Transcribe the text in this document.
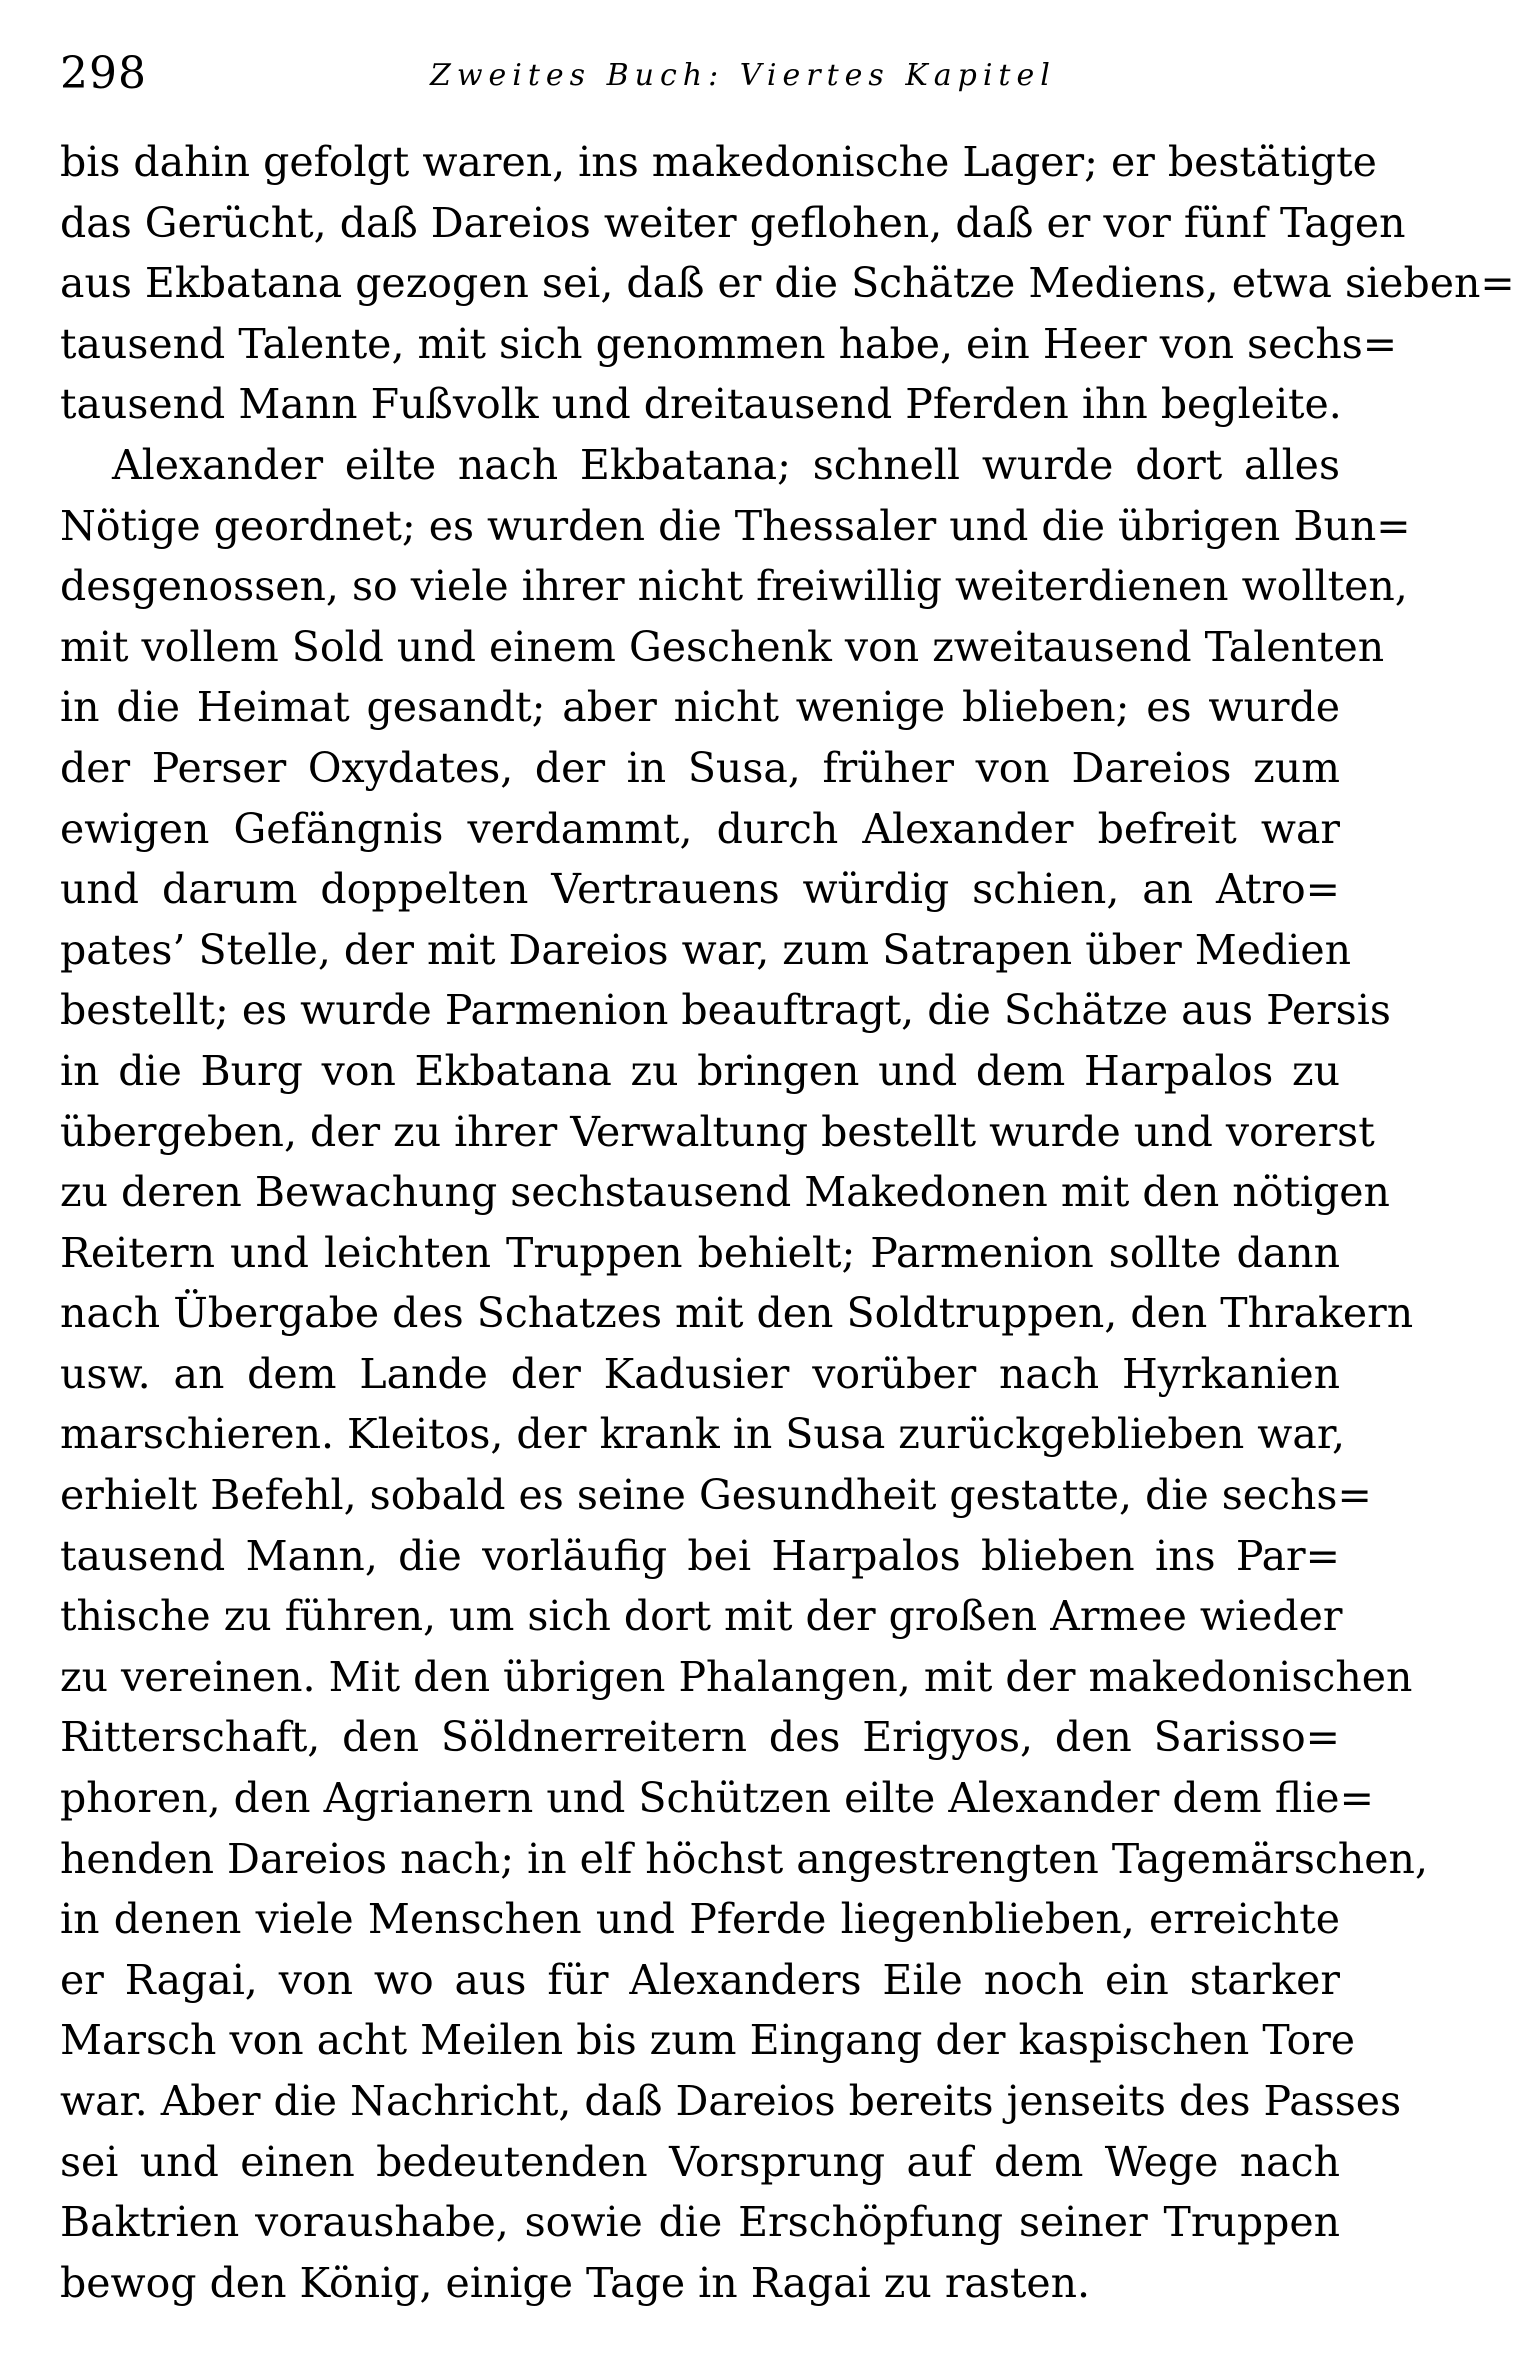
298	Zweites Buch: Viertes Kapitel
bis dahin gefolgt waren, ins makedonische Lager; er bestätigte
das Gerücht, daß Dareios weiter geflohen, daß er vor fünf Tagen
aus Ekbatana gezogen sei, daß er die Schätze Mediens, etwa sieben=
tausend Talente, mit sich genommen habe, ein Heer von sechs=
tausend Mann Fußvolk und dreitausend Pferden ihn begleite.
Alexander eilte nach Ekbatana; schnell wurde dort alles
Nötige geordnet; es wurden die Thessaler und die übrigen Bun=
desgenossen, so viele ihrer nicht freiwillig weiterdienen wollten,
mit vollem Sold und einem Geschenk von zweitausend Talenten
in die Heimat gesandt; aber nicht wenige blieben; es wurde
der Perser Oxydates, der in Susa, früher von Dareios zum
ewigen Gefängnis verdammt, durch Alexander befreit war
und darum doppelten Vertrauens würdig schien, an Atro=
pates’ Stelle, der mit Dareios war, zum Satrapen über Medien
bestellt; es wurde Parmenion beauftragt, die Schätze aus Persis
in die Burg von Ekbatana zu bringen und dem Harpalos zu
übergeben, der zu ihrer Verwaltung bestellt wurde und vorerst
zu deren Bewachung sechstausend Makedonen mit den nötigen
Reitern und leichten Truppen behielt; Parmenion sollte dann
nach Übergabe des Schatzes mit den Soldtruppen, den Thrakern
usw. an dem Lande der Kadusier vorüber nach Hyrkanien
marschieren. Kleitos, der krank in Susa zurückgeblieben war,
erhielt Befehl, sobald es seine Gesundheit gestatte, die sechs=
tausend Mann, die vorläufig bei Harpalos blieben ins Par=
thische zu führen, um sich dort mit der großen Armee wieder
zu vereinen. Mit den übrigen Phalangen, mit der makedonischen
Ritterschaft, den Söldnerreitern des Erigyos, den Sarisso=
phoren, den Agrianern und Schützen eilte Alexander dem flie=
henden Dareios nach; in elf höchst angestrengten Tagemärschen,
in denen viele Menschen und Pferde liegenblieben, erreichte
er Ragai, von wo aus für Alexanders Eile noch ein starker
Marsch von acht Meilen bis zum Eingang der kaspischen Tore
war. Aber die Nachricht, daß Dareios bereits jenseits des Passes
sei und einen bedeutenden Vorsprung auf dem Wege nach
Baktrien voraushabe, sowie die Erschöpfung seiner Truppen
bewog den König, einige Tage in Ragai zu rasten.
